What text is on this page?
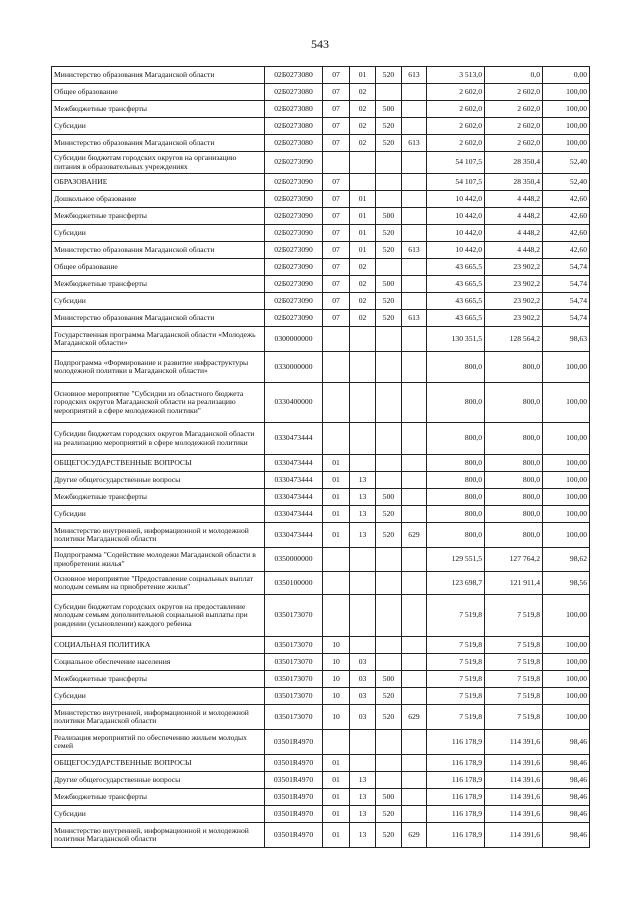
543
Министерство образования Магаданской области	02Б0273080	07	01	520	613	3 513,0	0,0	0,00
Общее образование	02Б0273080	07	02			2 602,0	2 602,0	100,00
Межбюджетные трансферты	02Б0273080	07	02	500		2 602,0	2 602,0	100,00
Субсидии	02Б0273080	07	02	520		2 602,0	2 602,0	100,00
Министерство образования Магаданской области	02Б0273080	07	02	520	613	2 602,0	2 602,0	100,00
Субсидии бюджетам городских округов на организацию питания в образовательных учреждениях	02Б0273090					54 107,5	28 350,4	52,40
ОБРАЗОВАНИЕ	02Б0273090	07				54 107,5	28 350,4	52,40
Дошкольное образование	02Б0273090	07	01			10 442,0	4 448,2	42,60
Межбюджетные трансферты	02Б0273090	07	01	500		10 442,0	4 448,2	42,60
Субсидии	02Б0273090	07	01	520		10 442,0	4 448,2	42,60
Министерство образования Магаданской области	02Б0273090	07	01	520	613	10 442,0	4 448,2	42,60
Общее образование	02Б0273090	07	02			43 665,5	23 902,2	54,74
Межбюджетные трансферты	02Б0273090	07	02	500		43 665,5	23 902,2	54,74
Субсидии	02Б0273090	07	02	520		43 665,5	23 902,2	54,74
Министерство образования Магаданской области	02Б0273090	07	02	520	613	43 665,5	23 902,2	54,74
Государственная программа Магаданской области «Молодежь Магаданской области»	0300000000					130 351,5	128 564,2	98,63
Подпрограмма «Формирование и развитие инфраструктуры молодежной политики в Магаданской области»	0330000000					800,0	800,0	100,00
Основное мероприятие "Субсидии из областного бюджета городских округов Магаданской области на реализацию мероприятий в сфере молодежной политики"	0330400000					800,0	800,0	100,00
Субсидии бюджетам городских округов Магаданской области на реализацию мероприятий в сфере молодежной политики	0330473444					800,0	800,0	100,00
ОБЩЕГОСУДАРСТВЕННЫЕ ВОПРОСЫ	0330473444	01				800,0	800,0	100,00
Другие общегосударственные вопросы	0330473444	01	13			800,0	800,0	100,00
Межбюджетные трансферты	0330473444	01	13	500		800,0	800,0	100,00
Субсидии	0330473444	01	13	520		800,0	800,0	100,00
Министерство внутренней, информационной и молодежной политики Магаданской области	0330473444	01	13	520	629	800,0	800,0	100,00
Подпрограмма "Содействие молодежи Магаданской области в приобретении жилья"	0350000000					129 551,5	127 764,2	98,62
Основное мероприятие "Предоставление социальных выплат молодым семьям на приобретение жилья"	0350100000					123 698,7	121 911,4	98,56
Субсидии бюджетам городских округов на предоставление молодым семьям дополнительной социальной выплаты при рождении (усыновлении) каждого ребенка	0350173070					7 519,8	7 519,8	100,00
СОЦИАЛЬНАЯ ПОЛИТИКА	0350173070	10				7 519,8	7 519,8	100,00
Социальное обеспечение населения	0350173070	10	03			7 519,8	7 519,8	100,00
Межбюджетные трансферты	0350173070	10	03	500		7 519,8	7 519,8	100,00
Субсидии	0350173070	10	03	520		7 519,8	7 519,8	100,00
Министерство внутренней, информационной и молодежной политики Магаданской области	0350173070	10	03	520	629	7 519,8	7 519,8	100,00
Реализация мероприятий по обеспечению жильем молодых семей	03501R4970					116 178,9	114 391,6	98,46
ОБЩЕГОСУДАРСТВЕННЫЕ ВОПРОСЫ	03501R4970	01				116 178,9	114 391,6	98,46
Другие общегосударственные вопросы	03501R4970	01	13			116 178,9	114 391,6	98,46
Межбюджетные трансферты	03501R4970	01	13	500		116 178,9	114 391,6	98,46
Субсидии	03501R4970	01	13	520		116 178,9	114 391,6	98,46
Министерство внутренней, информационной и молодежной политики Магаданской области	03501R4970	01	13	520	629	116 178,9	114 391,6	98,46
